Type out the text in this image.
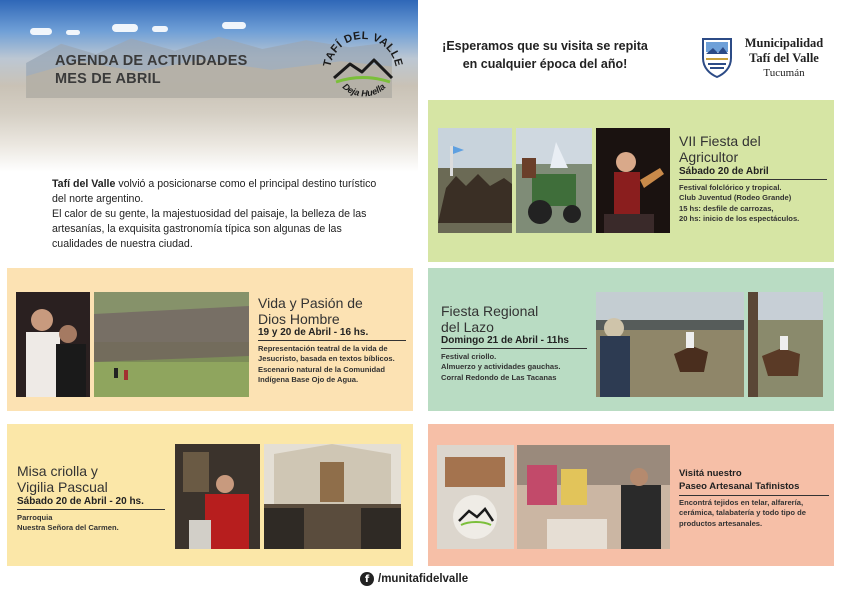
AGENDA DE ACTIVIDADES
MES DE ABRIL
TAFÍ DEL VALLE
Deja Huella

Tafí del Valle volvió a posicionarse como el principal destino turístico del norte argentino.

El calor de su gente, la majestuosidad del paisaje, la belleza de las artesanías, la exquisita gastronomía típica son algunas de las cualidades de nuestra ciudad.

¡Esperamos que su visita se repita
en cualquier época del año!
Municipalidad
Tafí del Valle
Tucumán
VII Fiesta del
Agricultor
Sábado 20 de Abril
Festival folclórico y tropical.
Club Juventud (Rodeo Grande)
15 hs: desfile de carrozas,
20 hs: inicio de los espectáculos.
Vida y Pasión de
Dios Hombre
19 y 20 de Abril - 16 hs.
Representación teatral de la vida de
Jesucristo, basada en textos bíblicos.
Escenario natural de la Comunidad
Indígena Base Ojo de Agua.
Fiesta Regional
del Lazo
Domingo 21 de Abril - 11hs
Festival criollo.
Almuerzo y actividades gauchas.
Corral Redondo de Las Tacanas
Misa criolla y
Vigilia Pascual
Sábado 20 de Abril - 20 hs.
Parroquia
Nuestra Señora del Carmen.
Visitá nuestro
Paseo Artesanal Tafinistos
Encontrá tejidos en telar, alfarería,
cerámica, talabatería y todo tipo de
productos artesanales.
f /munitafidelvalle
